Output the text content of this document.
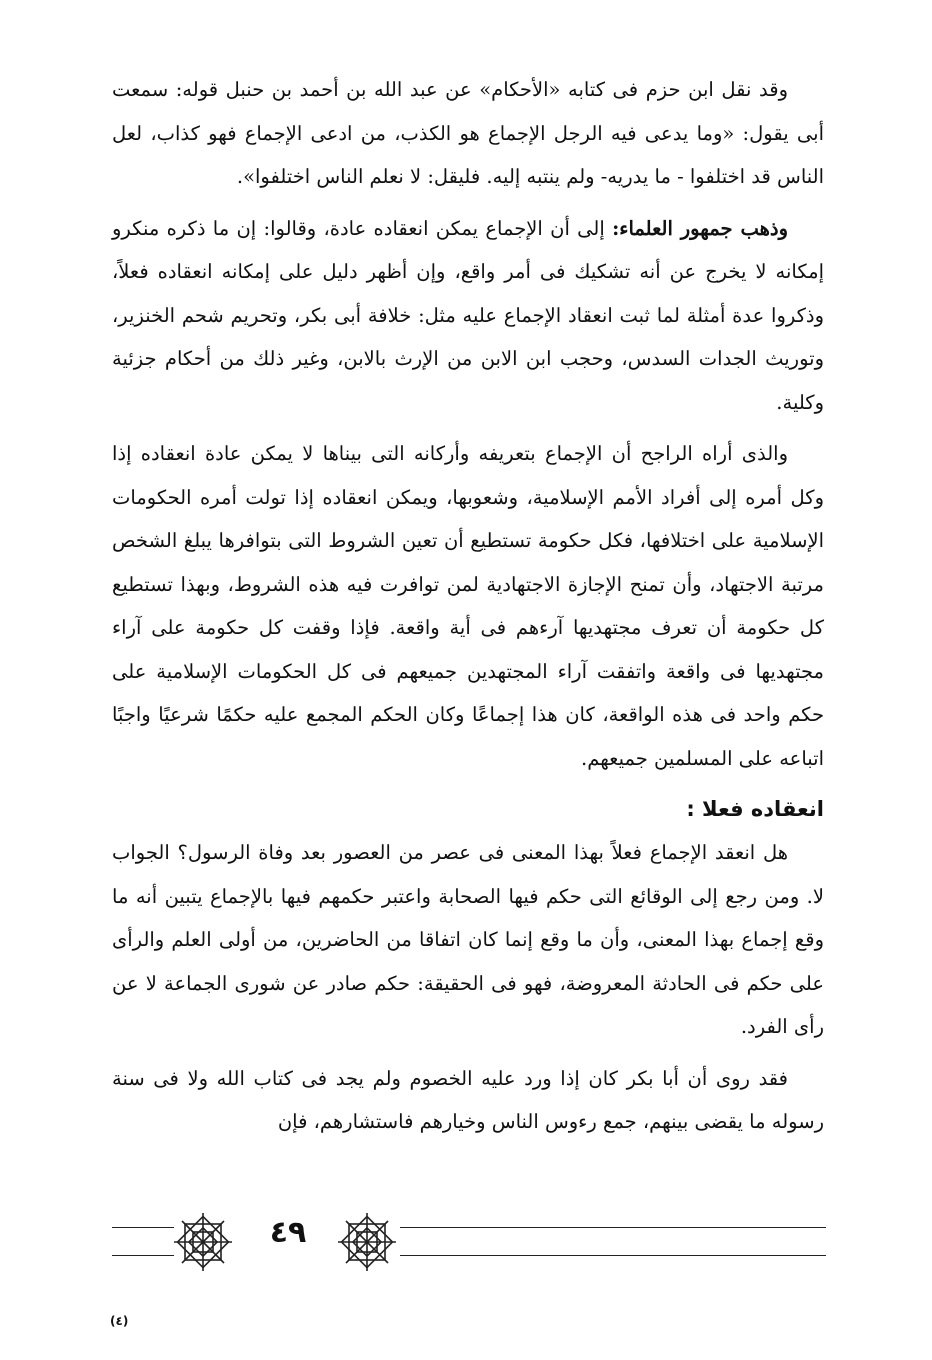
وقد نقل ابن حزم فى كتابه «الأحكام» عن عبد الله بن أحمد بن حنبل قوله: سمعت أبى يقول: «وما يدعى فيه الرجل الإجماع هو الكذب، من ادعى الإجماع فهو كذاب، لعل الناس قد اختلفوا - ما يدريه- ولم ينتبه إليه. فليقل: لا نعلم الناس اختلفوا».

وذهب جمهور العلماء: إلى أن الإجماع يمكن انعقاده عادة، وقالوا: إن ما ذكره منكرو إمكانه لا يخرج عن أنه تشكيك فى أمر واقع، وإن أظهر دليل على إمكانه انعقاده فعلاً، وذكروا عدة أمثلة لما ثبت انعقاد الإجماع عليه مثل: خلافة أبى بكر، وتحريم شحم الخنزير، وتوريث الجدات السدس، وحجب ابن الابن من الإرث بالابن، وغير ذلك من أحكام جزئية وكلية.

والذى أراه الراجح أن الإجماع بتعريفه وأركانه التى بيناها لا يمكن عادة انعقاده إذا وكل أمره إلى أفراد الأمم الإسلامية، وشعوبها، ويمكن انعقاده إذا تولت أمره الحكومات الإسلامية على اختلافها، فكل حكومة تستطيع أن تعين الشروط التى بتوافرها يبلغ الشخص مرتبة الاجتهاد، وأن تمنح الإجازة الاجتهادية لمن توافرت فيه هذه الشروط، وبهذا تستطيع كل حكومة أن تعرف مجتهديها آرءهم فى أية واقعة. فإذا وقفت كل حكومة على آراء مجتهديها فى واقعة واتفقت آراء المجتهدين جميعهم فى كل الحكومات الإسلامية على حكم واحد فى هذه الواقعة، كان هذا إجماعًا وكان الحكم المجمع عليه حكمًا شرعيًا واجبًا اتباعه على المسلمين جميعهم.

انعقاده فعلا :

هل انعقد الإجماع فعلاً بهذا المعنى فى عصر من العصور بعد وفاة الرسول؟ الجواب لا. ومن رجع إلى الوقائع التى حكم فيها الصحابة واعتبر حكمهم فيها بالإجماع يتبين أنه ما وقع إجماع بهذا المعنى، وأن ما وقع إنما كان اتفاقا من الحاضرين، من أولى العلم والرأى على حكم فى الحادثة المعروضة، فهو فى الحقيقة: حكم صادر عن شورى الجماعة لا عن رأى الفرد.

فقد روى أن أبا بكر كان إذا ورد عليه الخصوم ولم يجد فى كتاب الله ولا فى سنة رسوله ما يقضى بينهم، جمع رءوس الناس وخيارهم فاستشارهم، فإن

٤٩
(٤)
